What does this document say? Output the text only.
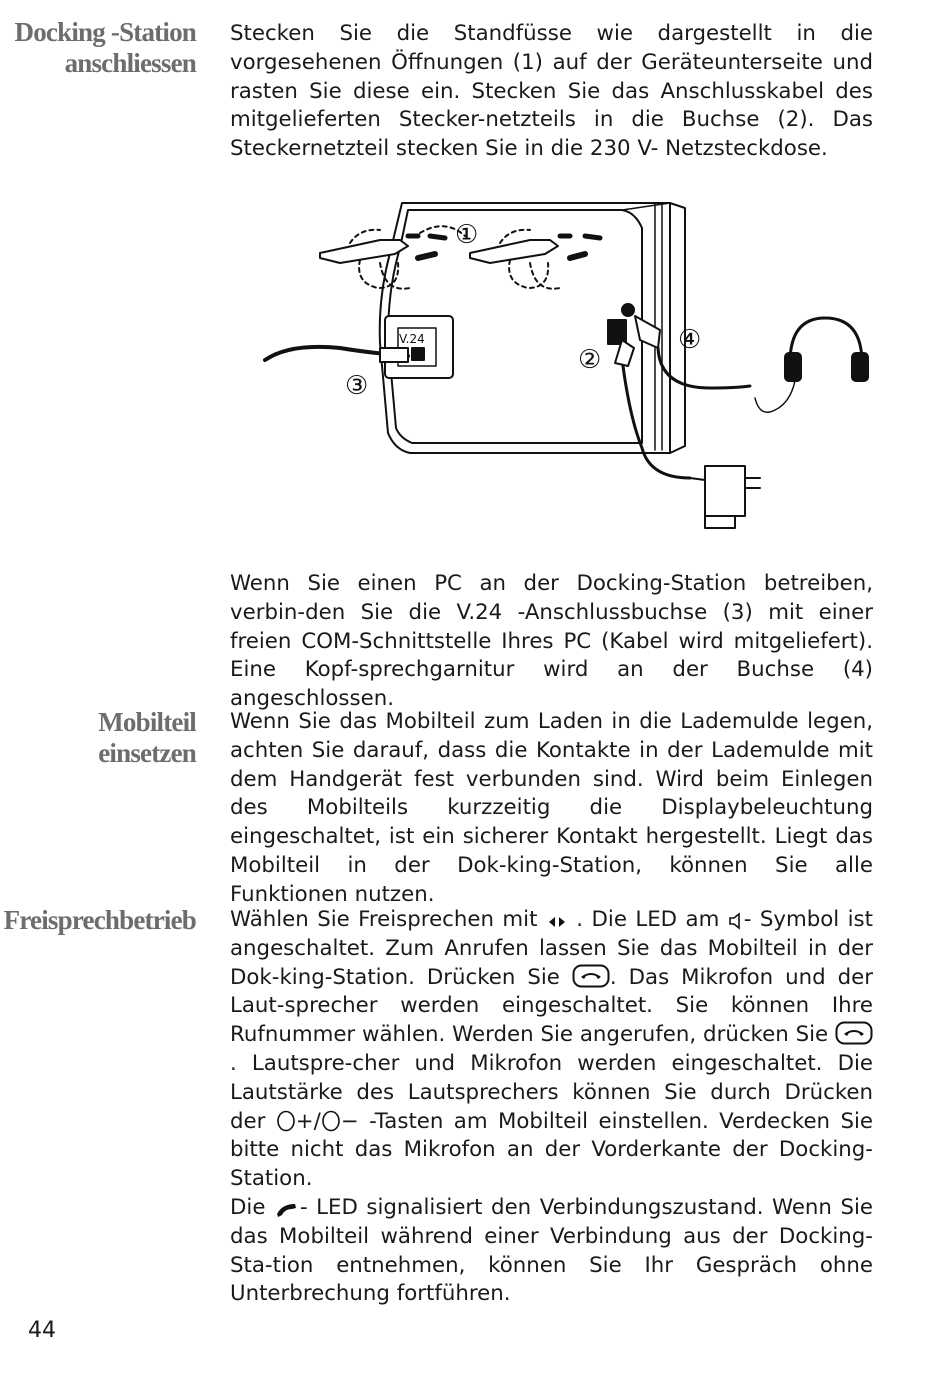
Docking -Station
anschliessen

Stecken Sie die Standfüsse wie dargestellt in die vorgesehenen Öffnungen (1) auf der Geräteunterseite und rasten Sie diese ein. Stecken Sie das Anschlusskabel des mitgelieferten Stecker-netzteils in die Buchse (2). Das Steckernetzteil stecken Sie in die 230 V- Netzsteckdose.

①
②
③
④
V.24

Wenn Sie einen PC an der Docking-Station betreiben, verbin-den Sie die V.24 -Anschlussbuchse (3) mit einer freien COM-Schnittstelle Ihres PC (Kabel wird mitgeliefert). Eine Kopf-sprechgarnitur wird an der Buchse (4) angeschlossen.

Mobilteil
einsetzen

Wenn Sie das Mobilteil zum Laden in die Lademulde legen, achten Sie darauf, dass die Kontakte in der Lademulde mit dem Handgerät fest verbunden sind. Wird beim Einlegen des Mobilteils kurzzeitig die Displaybeleuchtung eingeschaltet, ist ein sicherer Kontakt hergestellt. Liegt das Mobilteil in der Dok-king-Station, können Sie alle Funktionen nutzen.

Freisprechbetrieb Wählen Sie Freisprechen mit  . Die LED am - Symbol ist angeschaltet. Zum Anrufen lassen Sie das Mobilteil in der Dok-king-Station. Drücken Sie . Das Mikrofon und der Laut-sprecher werden eingeschaltet. Sie können Ihre Rufnummer wählen. Werden Sie angerufen, drücken Sie . Lautspre-cher und Mikrofon werden eingeschaltet. Die Lautstärke des Lautsprechers können Sie durch Drücken der +/ − -Tasten am Mobilteil einstellen. Verdecken Sie bitte nicht das Mikrofon an der Vorderkante der Docking-Station.

Die - LED signalisiert den Verbindungszustand. Wenn Sie das Mobilteil während einer Verbindung aus der Docking-Sta-tion entnehmen, können Sie Ihr Gespräch ohne Unterbrechung fortführen.

44
